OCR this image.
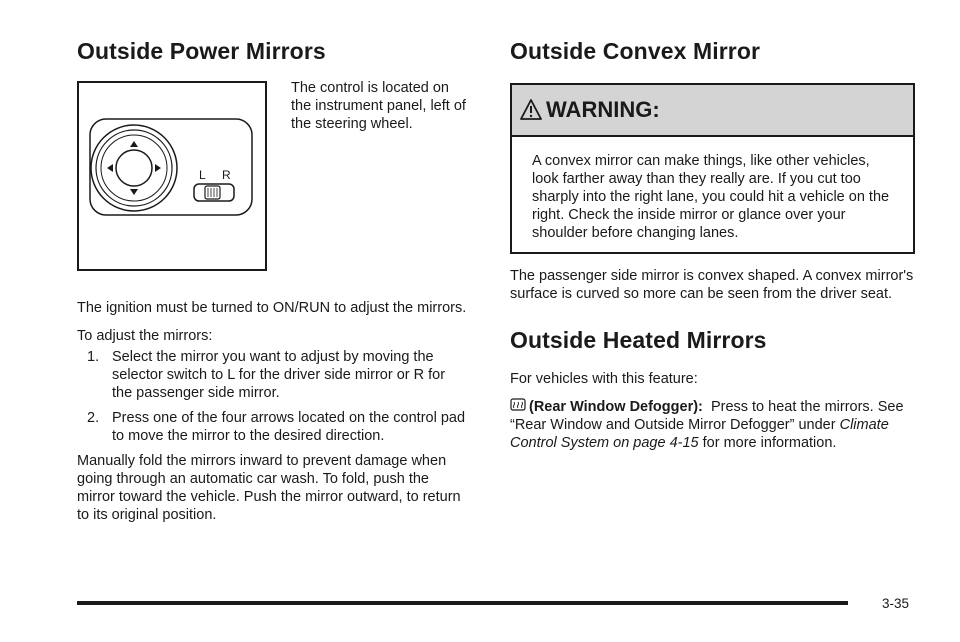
Outside Power Mirrors
L R
The control is located on the instrument panel, left of the steering wheel.
The ignition must be turned to ON/RUN to adjust the mirrors.
To adjust the mirrors:
1. Select the mirror you want to adjust by moving the selector switch to L for the driver side mirror or R for the passenger side mirror.
2. Press one of the four arrows located on the control pad to move the mirror to the desired direction.
Manually fold the mirrors inward to prevent damage when going through an automatic car wash. To fold, push the mirror toward the vehicle. Push the mirror outward, to return to its original position.
Outside Convex Mirror
WARNING:
A convex mirror can make things, like other vehicles, look farther away than they really are. If you cut too sharply into the right lane, you could hit a vehicle on the right. Check the inside mirror or glance over your shoulder before changing lanes.
The passenger side mirror is convex shaped. A convex mirror's surface is curved so more can be seen from the driver seat.
Outside Heated Mirrors
For vehicles with this feature:
(Rear Window Defogger): Press to heat the mirrors. See “Rear Window and Outside Mirror Defogger” under Climate Control System on page 4-15 for more information.
3-35
